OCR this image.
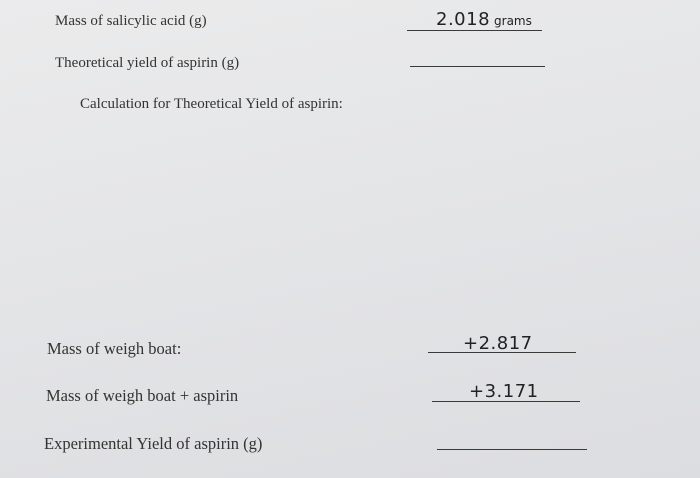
Mass of salicylic acid (g)	2.018 grams
Theoretical yield of aspirin (g)
Calculation for Theoretical Yield of aspirin:
Mass of weigh boat:	+2.817
Mass of weigh boat + aspirin	+3.171
Experimental Yield of aspirin (g)
